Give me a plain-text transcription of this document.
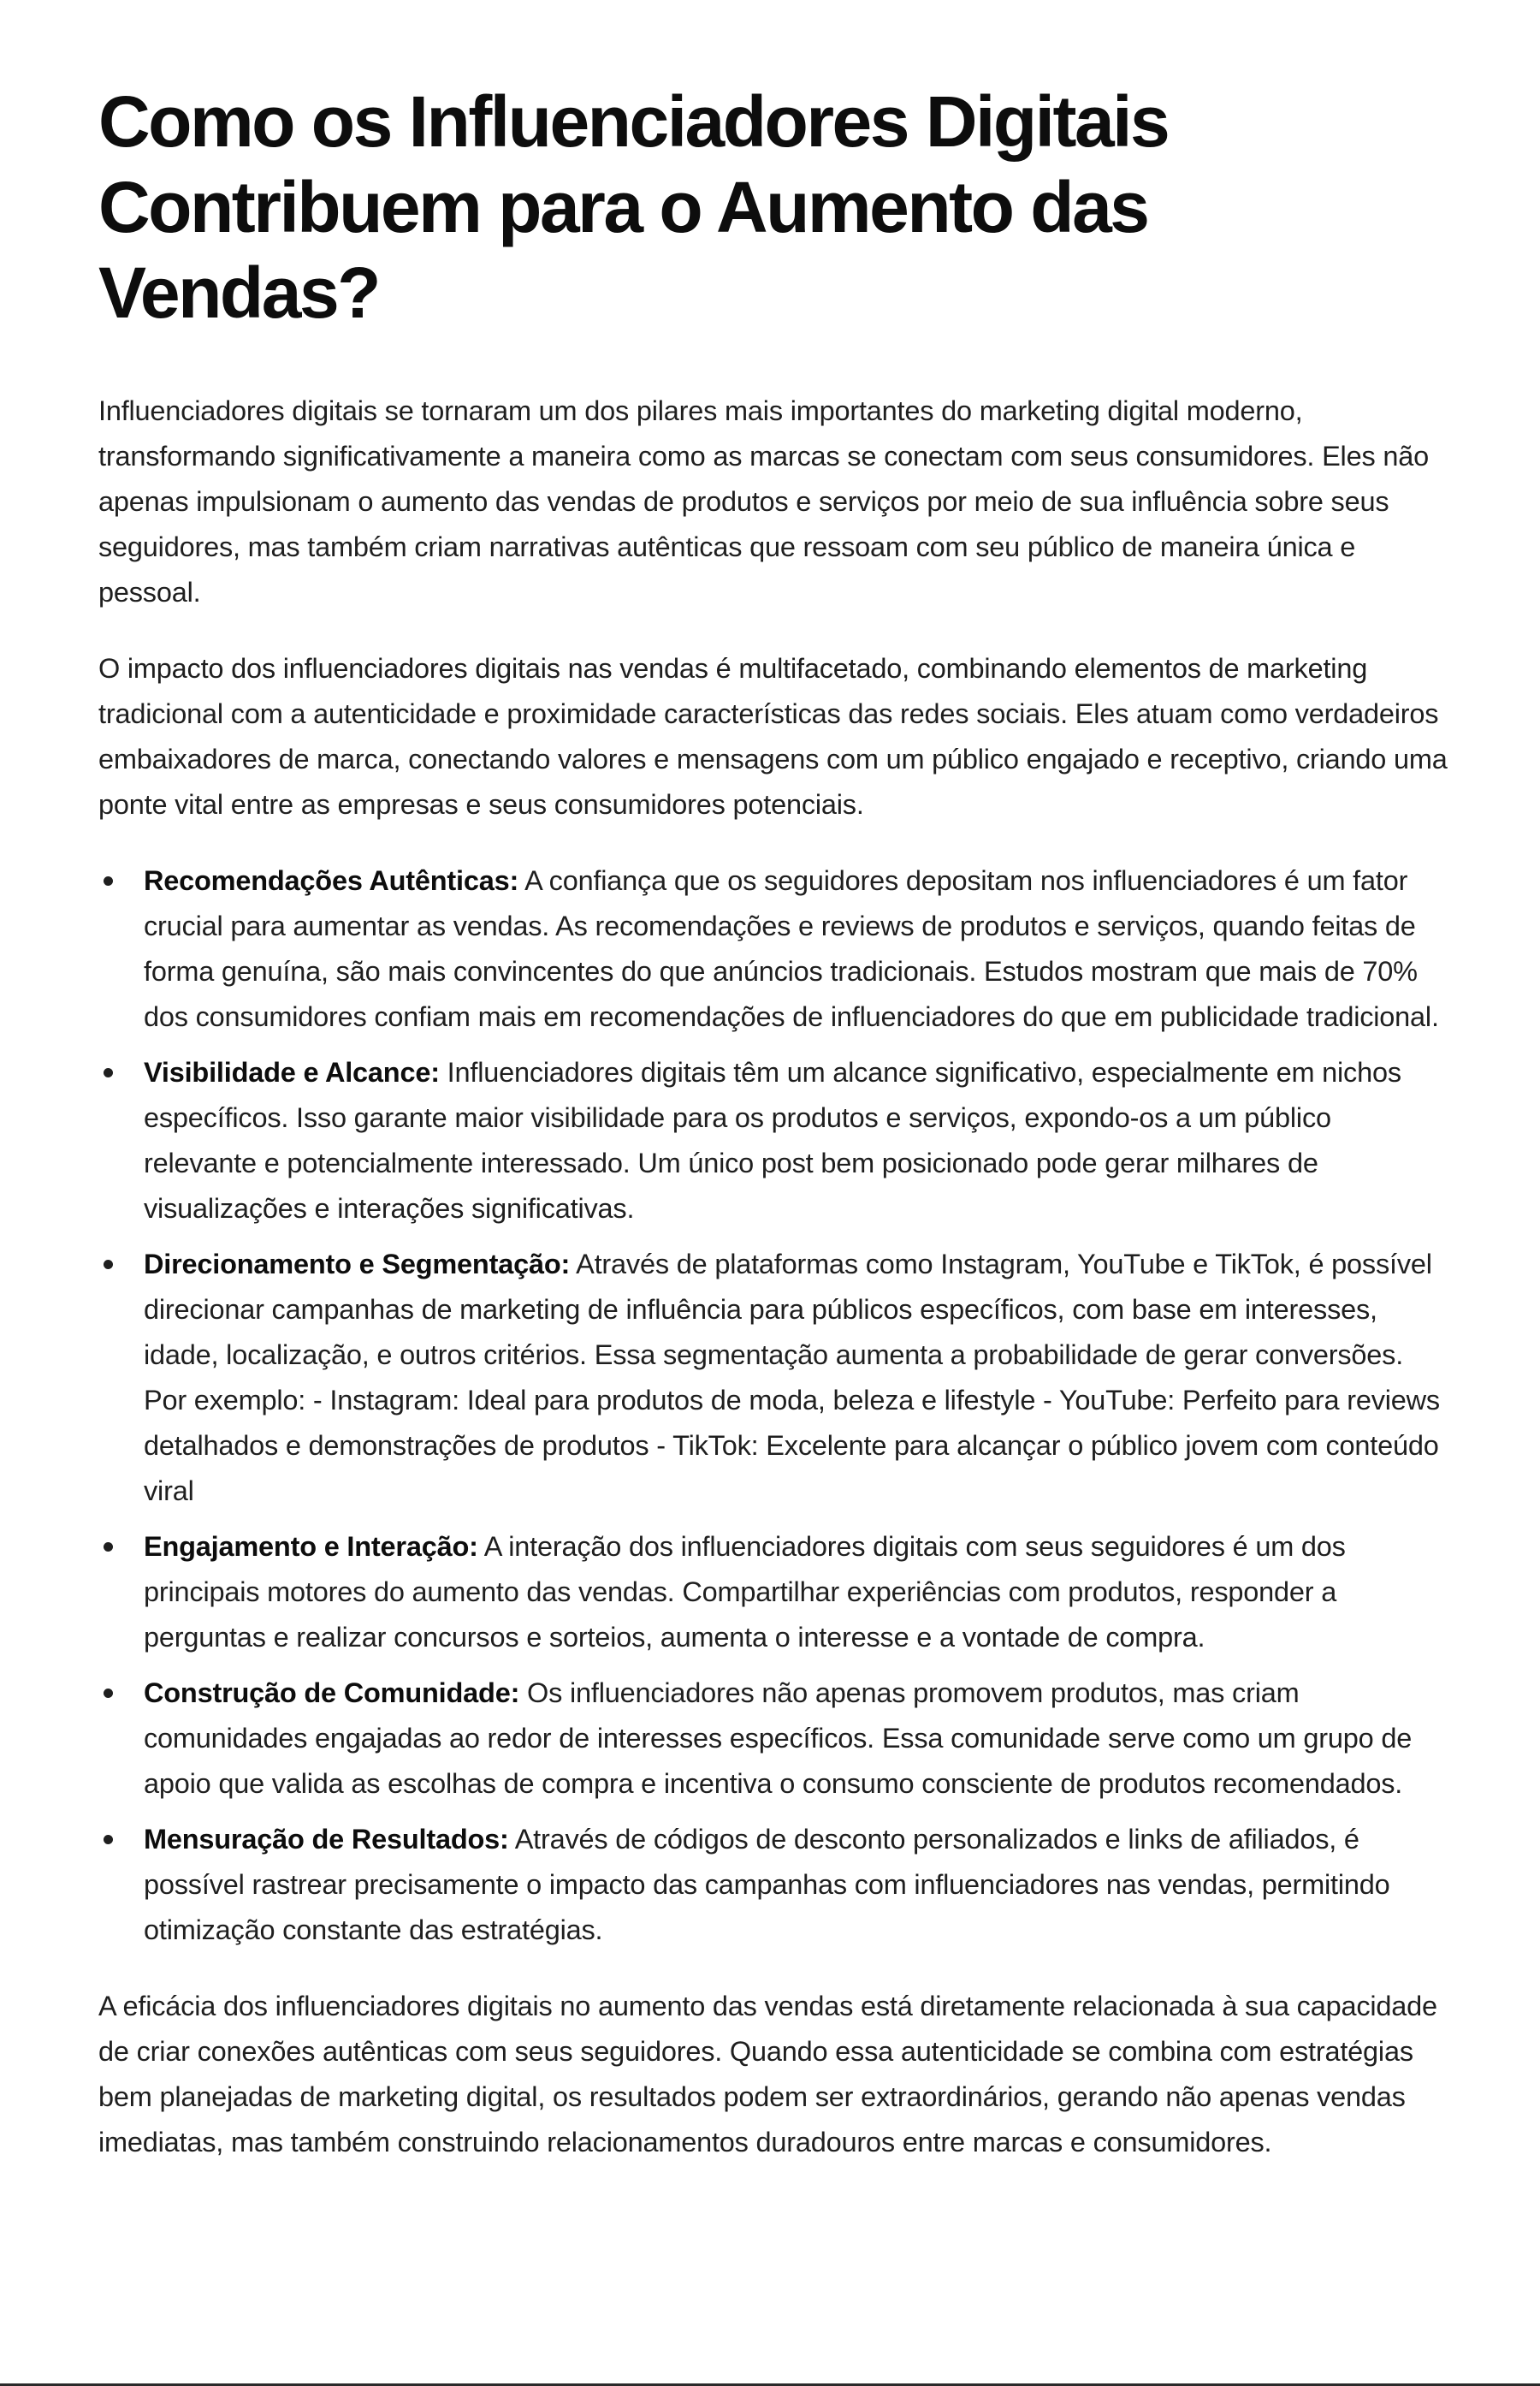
Como os Influenciadores Digitais Contribuem para o Aumento das Vendas?

Influenciadores digitais se tornaram um dos pilares mais importantes do marketing digital moderno, transformando significativamente a maneira como as marcas se conectam com seus consumidores. Eles não apenas impulsionam o aumento das vendas de produtos e serviços por meio de sua influência sobre seus seguidores, mas também criam narrativas autênticas que ressoam com seu público de maneira única e pessoal.

O impacto dos influenciadores digitais nas vendas é multifacetado, combinando elementos de marketing tradicional com a autenticidade e proximidade características das redes sociais. Eles atuam como verdadeiros embaixadores de marca, conectando valores e mensagens com um público engajado e receptivo, criando uma ponte vital entre as empresas e seus consumidores potenciais.

Recomendações Autênticas: A confiança que os seguidores depositam nos influenciadores é um fator crucial para aumentar as vendas. As recomendações e reviews de produtos e serviços, quando feitas de forma genuína, são mais convincentes do que anúncios tradicionais. Estudos mostram que mais de 70% dos consumidores confiam mais em recomendações de influenciadores do que em publicidade tradicional.
Visibilidade e Alcance: Influenciadores digitais têm um alcance significativo, especialmente em nichos específicos. Isso garante maior visibilidade para os produtos e serviços, expondo-os a um público relevante e potencialmente interessado. Um único post bem posicionado pode gerar milhares de visualizações e interações significativas.
Direcionamento e Segmentação: Através de plataformas como Instagram, YouTube e TikTok, é possível direcionar campanhas de marketing de influência para públicos específicos, com base em interesses, idade, localização, e outros critérios. Essa segmentação aumenta a probabilidade de gerar conversões. Por exemplo: - Instagram: Ideal para produtos de moda, beleza e lifestyle - YouTube: Perfeito para reviews detalhados e demonstrações de produtos - TikTok: Excelente para alcançar o público jovem com conteúdo viral
Engajamento e Interação: A interação dos influenciadores digitais com seus seguidores é um dos principais motores do aumento das vendas. Compartilhar experiências com produtos, responder a perguntas e realizar concursos e sorteios, aumenta o interesse e a vontade de compra.
Construção de Comunidade: Os influenciadores não apenas promovem produtos, mas criam comunidades engajadas ao redor de interesses específicos. Essa comunidade serve como um grupo de apoio que valida as escolhas de compra e incentiva o consumo consciente de produtos recomendados.
Mensuração de Resultados: Através de códigos de desconto personalizados e links de afiliados, é possível rastrear precisamente o impacto das campanhas com influenciadores nas vendas, permitindo otimização constante das estratégias.

A eficácia dos influenciadores digitais no aumento das vendas está diretamente relacionada à sua capacidade de criar conexões autênticas com seus seguidores. Quando essa autenticidade se combina com estratégias bem planejadas de marketing digital, os resultados podem ser extraordinários, gerando não apenas vendas imediatas, mas também construindo relacionamentos duradouros entre marcas e consumidores.
